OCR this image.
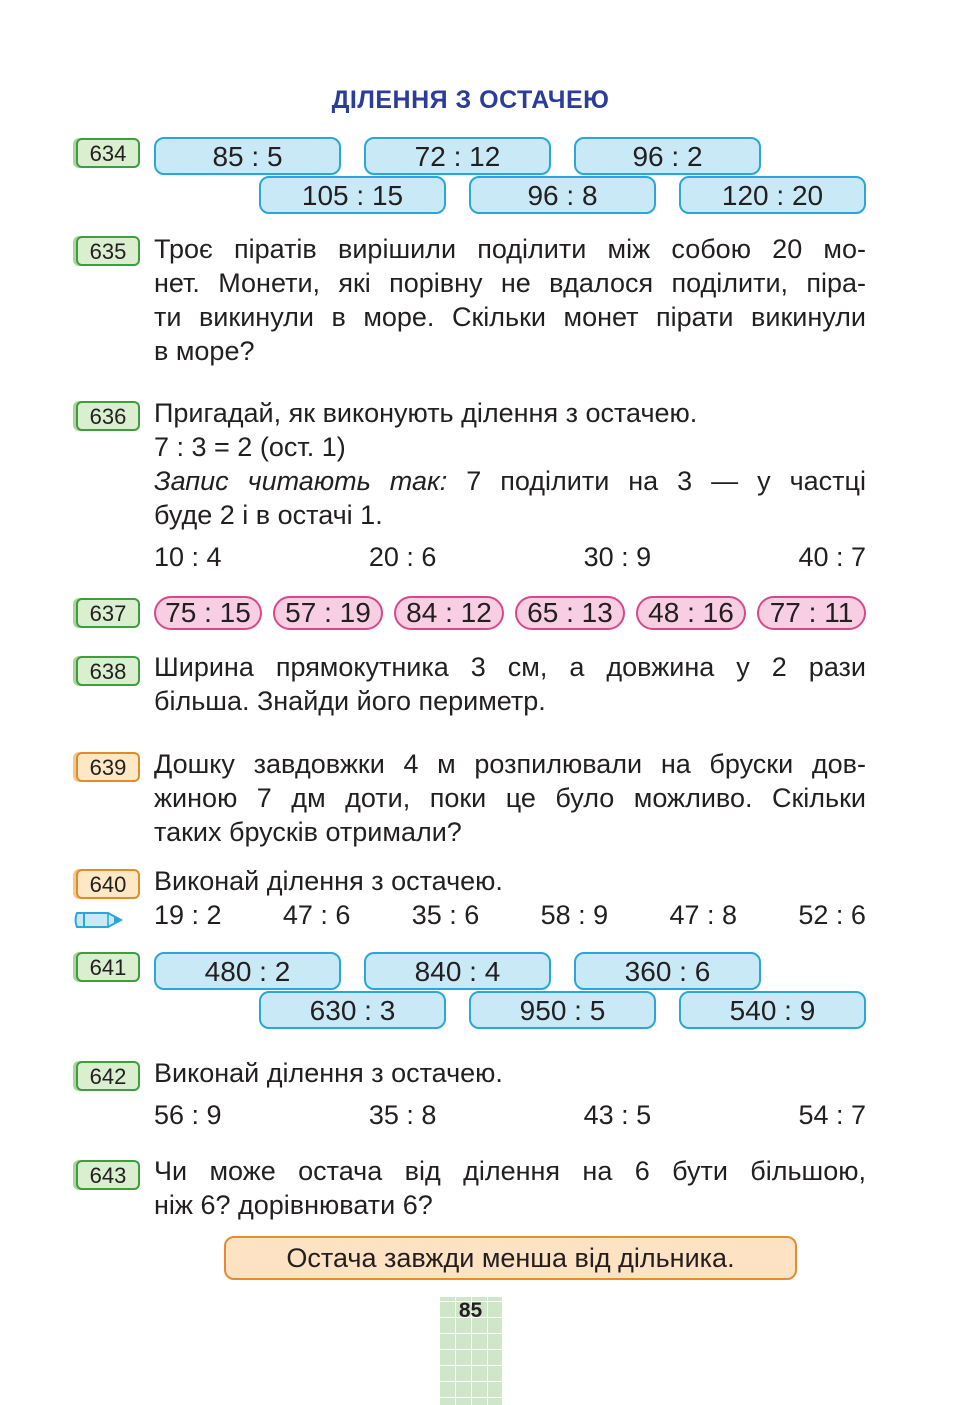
ДІЛЕННЯ З ОСТАЧЕЮ
634	85 : 5	72 : 12	96 : 2
105 : 15	96 : 8	120 : 20
635	Троє піратів вирішили поділити між собою 20 мо-
нет. Монети, які порівну не вдалося поділити, піра-
ти викинули в море. Скільки монет пірати викинули
в море?
636	Пригадай, як виконують ділення з остачею.
7 : 3 = 2 (ост. 1)
Запис читають так: 7 поділити на 3 — у частці
буде 2 і в остачі 1.
10 : 4	20 : 6	30 : 9	40 : 7
637	75 : 15	57 : 19	84 : 12	65 : 13	48 : 16	77 : 11
638	Ширина прямокутника 3 см, а довжина у 2 рази
більша. Знайди його периметр.
639	Дошку завдовжки 4 м розпилювали на бруски дов-
жиною 7 дм доти, поки це було можливо. Скільки
таких брусків отримали?
640	Виконай ділення з остачею.
19 : 2 47 : 6 35 : 6 58 : 9 47 : 8 52 : 6
641	480 : 2	840 : 4	360 : 6
630 : 3	950 : 5	540 : 9
642	Виконай ділення з остачею.
56 : 9	35 : 8	43 : 5	54 : 7
643	Чи може остача від ділення на 6 бути більшою,
ніж 6? дорівнювати 6?
Остача завжди менша від дільника.
85
